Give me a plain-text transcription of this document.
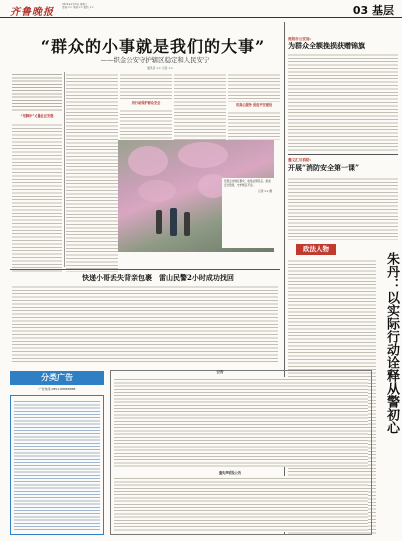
齐鲁晚报
2022年2月9日 星期三
责编:×× 美编:×× 组版:××	03 基层
“群众的小事就是我们的大事”
——织金公安守护辖区稳定和人民安宁
通讯员 ×× 记者 ××
“用脚步”丈量社区安稳
用行动保护群众安全	用真心服务 促进平安建设
民警走访辖区群众，收集社情民意，排查安全隐患，守护辖区平安。
记者 ×× 摄
贵阳市公安局:
为群众全额挽损获赠锦旗
遵义汇川消防:
开展“消防安全第一课”
政法人物
朱丹：以实际行动诠释从警初心
快递小哥丢失背亲包裹　雷山民警2小时成功找回
分类广告
广告热线 0851-88888888
公告
遗失声明及公告
